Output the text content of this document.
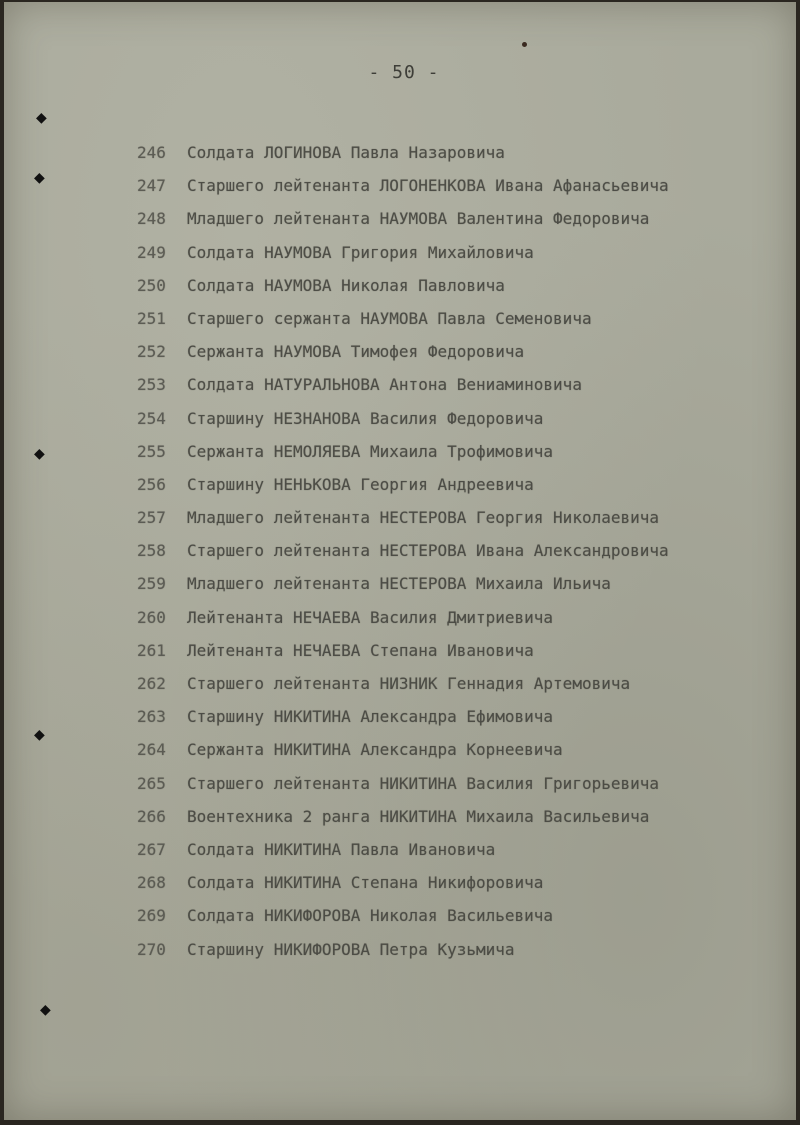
- 50 -
◆
◆
◆
◆
◆
246 Солдата ЛОГИНОВА Павла Назаровича
247 Старшего лейтенанта ЛОГОНЕНКОВА Ивана Афанасьевича
248 Младшего лейтенанта НАУМОВА Валентина Федоровича
249 Солдата НАУМОВА Григория Михайловича
250 Солдата НАУМОВА Николая Павловича
251 Старшего сержанта НАУМОВА Павла Семеновича
252 Сержанта НАУМОВА Тимофея Федоровича
253 Солдата НАТУРАЛЬНОВА Антона Вениаминовича
254 Старшину НЕЗНАНОВА Василия Федоровича
255 Сержанта НЕМОЛЯЕВА Михаила Трофимовича
256 Старшину НЕНЬКОВА Георгия Андреевича
257 Младшего лейтенанта НЕСТЕРОВА Георгия Николаевича
258 Старшего лейтенанта НЕСТЕРОВА Ивана Александровича
259 Младшего лейтенанта НЕСТЕРОВА Михаила Ильича
260 Лейтенанта НЕЧАЕВА Василия Дмитриевича
261 Лейтенанта НЕЧАЕВА Степана Ивановича
262 Старшего лейтенанта НИЗНИК Геннадия Артемовича
263 Старшину НИКИТИНА Александра Ефимовича
264 Сержанта НИКИТИНА Александра Корнеевича
265 Старшего лейтенанта НИКИТИНА Василия Григорьевича
266 Воентехника 2 ранга НИКИТИНА Михаила Васильевича
267 Солдата НИКИТИНА Павла Ивановича
268 Солдата НИКИТИНА Степана Никифоровича
269 Солдата НИКИФОРОВА Николая Васильевича
270 Старшину НИКИФОРОВА Петра Кузьмича
